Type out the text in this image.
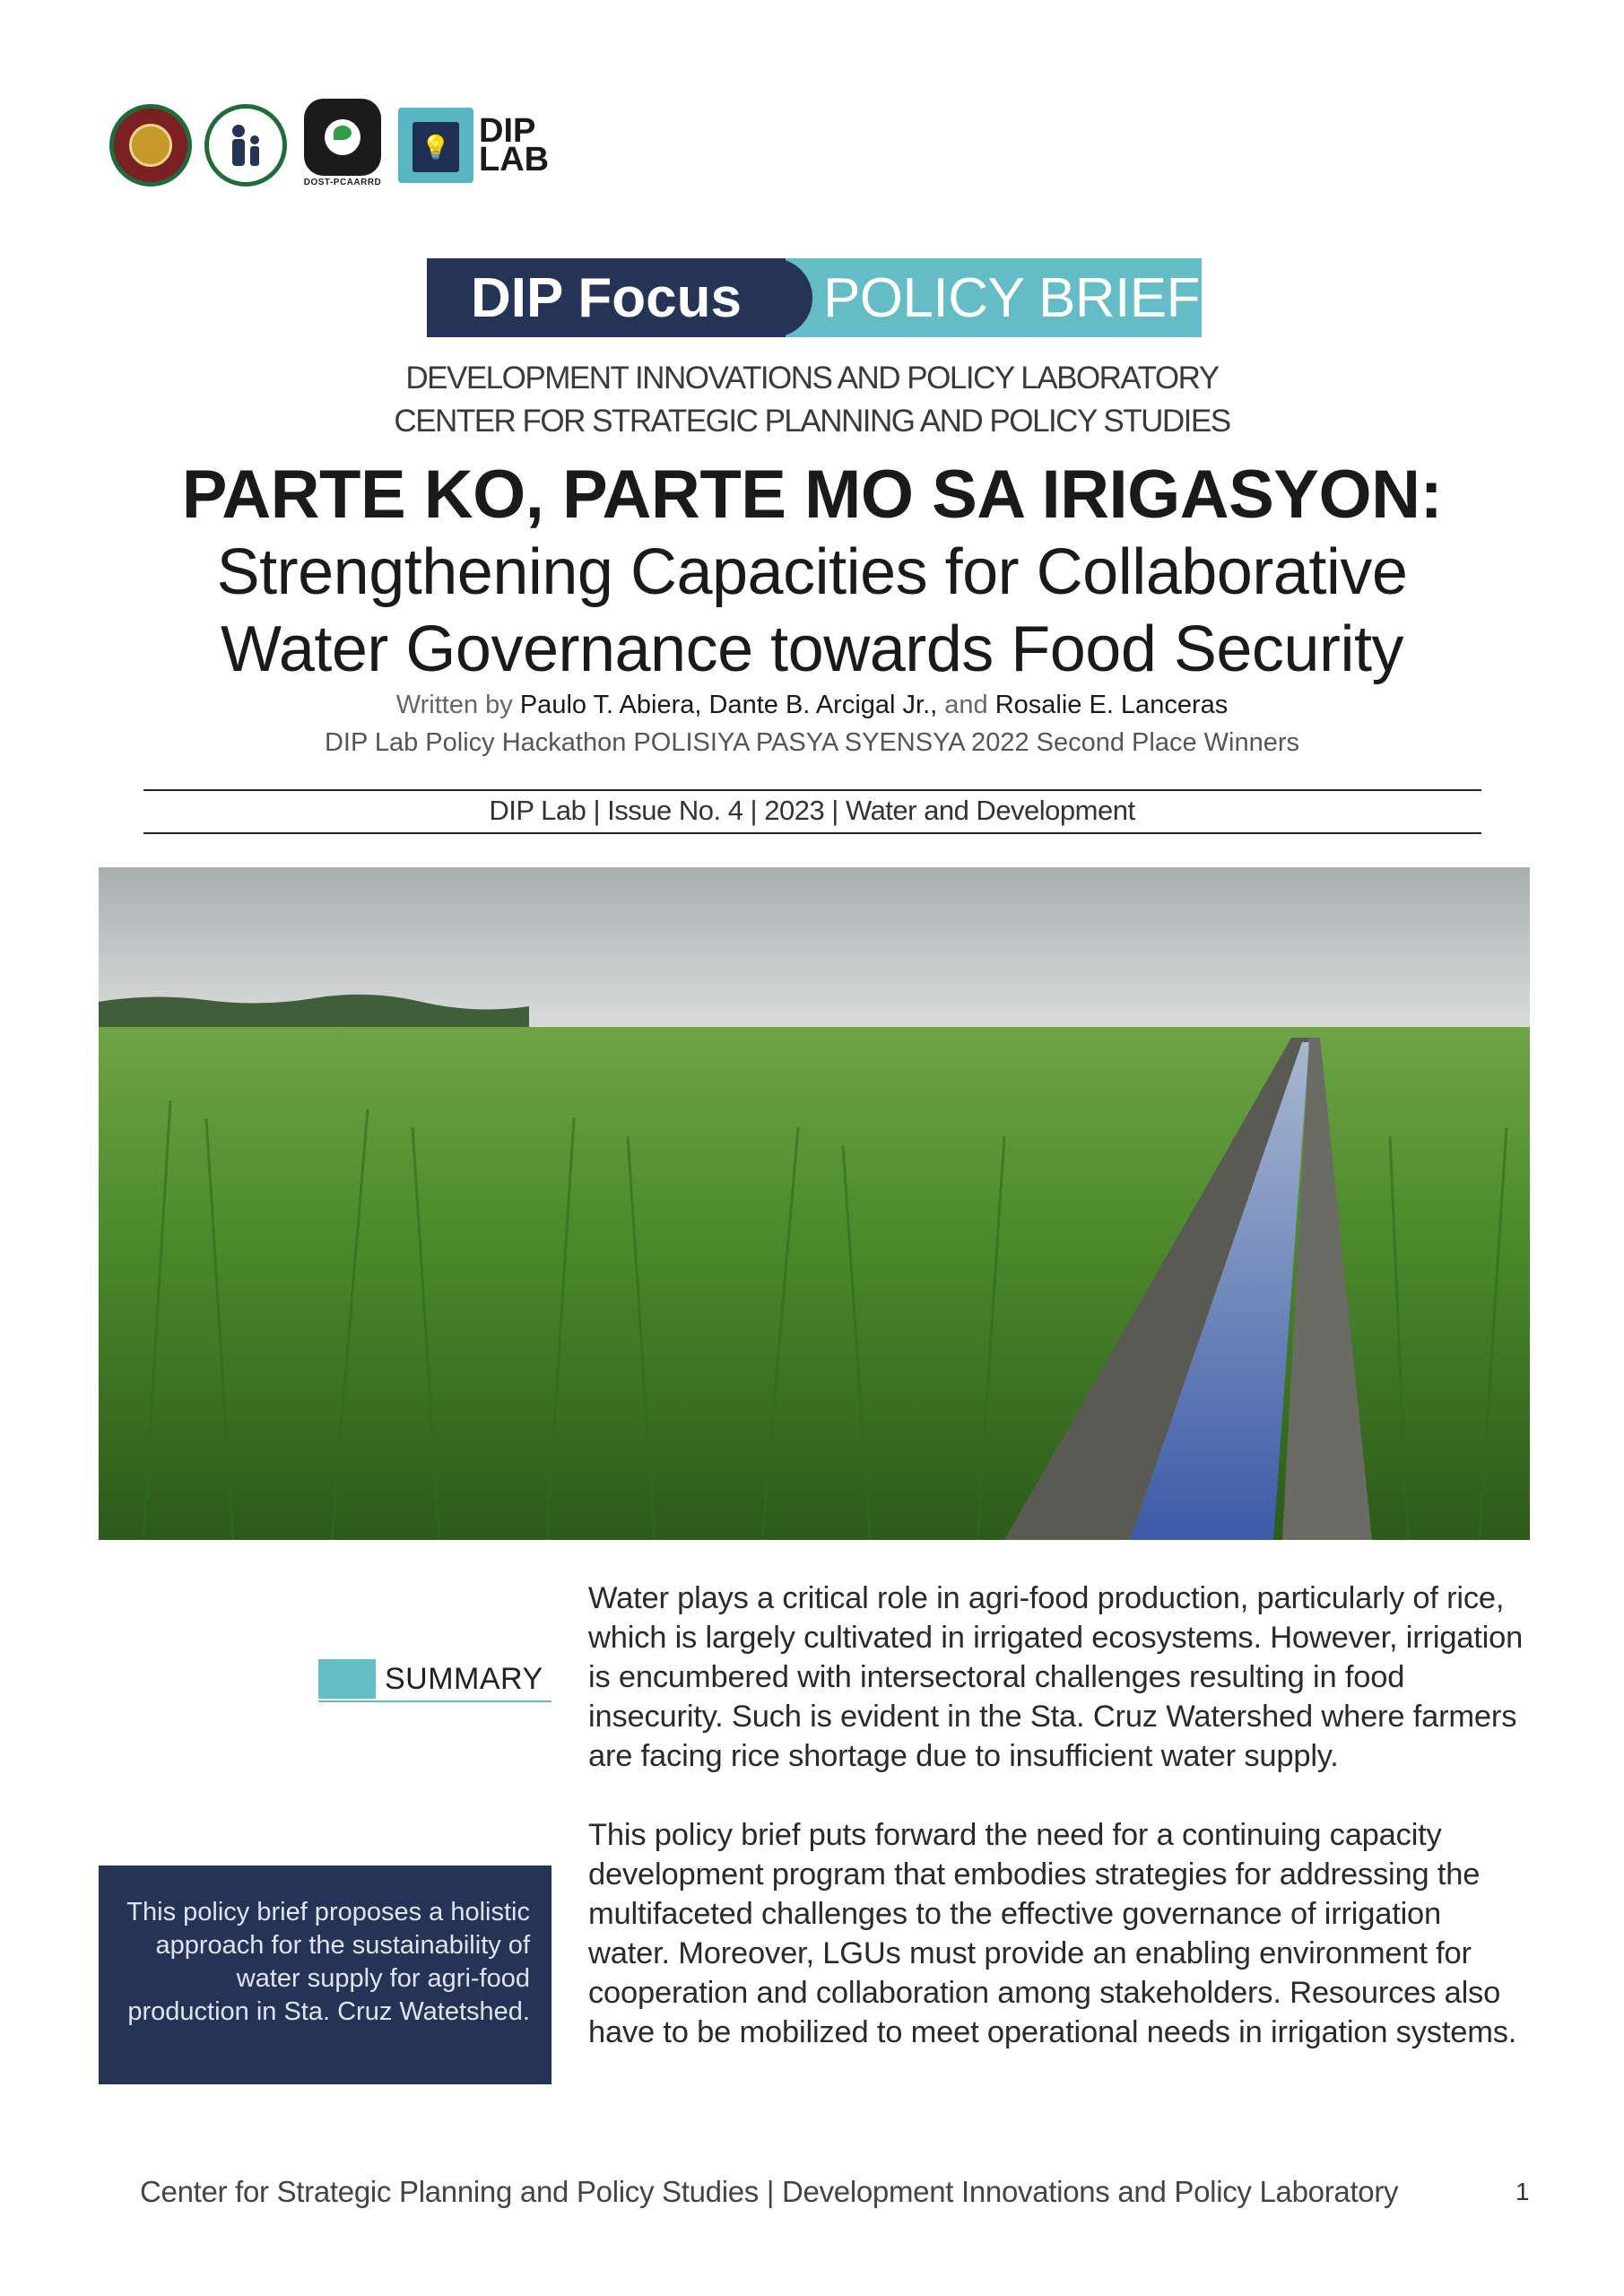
DOST-PCAARRD
💡 DIP
LAB
DIP Focus	POLICY BRIEF
DEVELOPMENT INNOVATIONS AND POLICY LABORATORY
CENTER FOR STRATEGIC PLANNING AND POLICY STUDIES
PARTE KO, PARTE MO SA IRIGASYON:
Strengthening Capacities for Collaborative
Water Governance towards Food Security
Written by Paulo T. Abiera, Dante B. Arcigal Jr., and Rosalie E. Lanceras
DIP Lab Policy Hackathon POLISIYA PASYA SYENSYA 2022 Second Place Winners
DIP Lab | Issue No. 4 | 2023 | Water and Development
SUMMARY
This policy brief proposes a holistic approach for the sustainability of water supply for agri-food production in Sta. Cruz Watetshed.
Water plays a critical role in agri-food production, particularly of rice, which is largely cultivated in irrigated ecosystems. However, irrigation is encumbered with intersectoral challenges resulting in food insecurity. Such is evident in the Sta. Cruz Watershed where farmers are facing rice shortage due to insufficient water supply.
This policy brief puts forward the need for a continuing capacity development program that embodies strategies for addressing the multifaceted challenges to the effective governance of irrigation water. Moreover, LGUs must provide an enabling environment for cooperation and collaboration among stakeholders. Resources also have to be mobilized to meet operational needs in irrigation systems.
Center for Strategic Planning and Policy Studies | Development Innovations and Policy Laboratory	1
